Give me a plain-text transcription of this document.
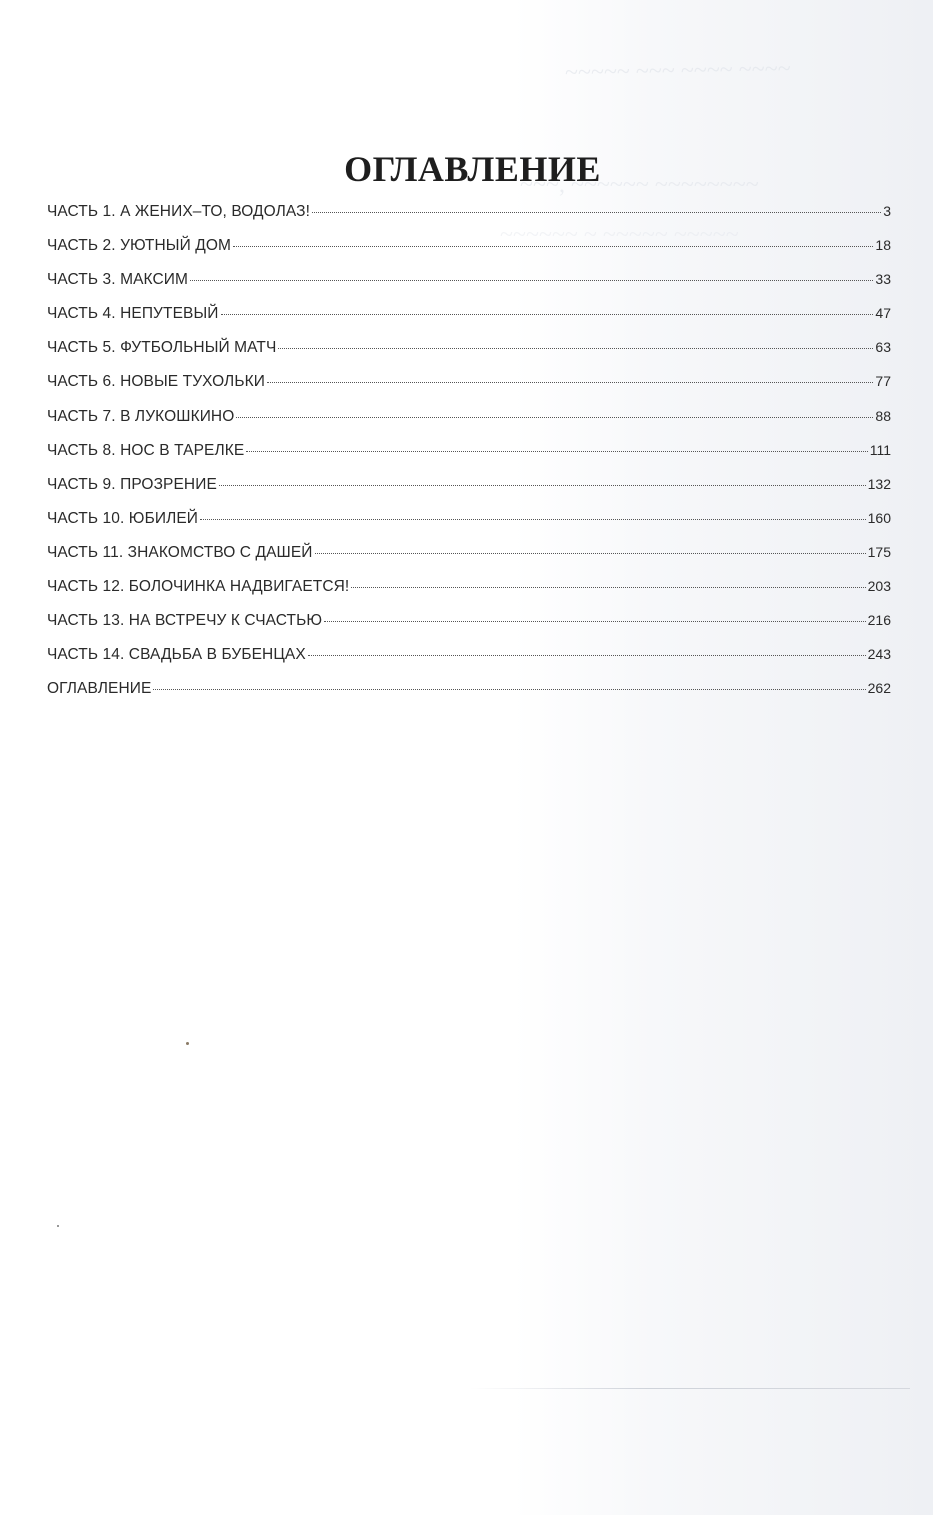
~~~~~ ~~~ ~~~~ ~~~~
~~~, ~~~~~~ ~~~~~~~~
~~~~~~ ~ ~~~~~ ~~~~~
ОГЛАВЛЕНИЕ
ЧАСТЬ 1. А ЖЕНИХ–ТО, ВОДОЛАЗ!	3
ЧАСТЬ 2. УЮТНЫЙ ДОМ	18
ЧАСТЬ 3. МАКСИМ	33
ЧАСТЬ 4. НЕПУТЕВЫЙ	47
ЧАСТЬ 5. ФУТБОЛЬНЫЙ МАТЧ	63
ЧАСТЬ 6. НОВЫЕ ТУХОЛЬКИ	77
ЧАСТЬ 7. В ЛУКОШКИНО	88
ЧАСТЬ 8. НОС В ТАРЕЛКЕ	111
ЧАСТЬ 9. ПРОЗРЕНИЕ	132
ЧАСТЬ 10. ЮБИЛЕЙ	160
ЧАСТЬ 11. ЗНАКОМСТВО С ДАШЕЙ	175
ЧАСТЬ 12. БОЛОЧИНКА НАДВИГАЕТСЯ!	203
ЧАСТЬ 13. НА ВСТРЕЧУ К СЧАСТЬЮ	216
ЧАСТЬ 14. СВАДЬБА В БУБЕНЦАХ	243
ОГЛАВЛЕНИЕ	262
